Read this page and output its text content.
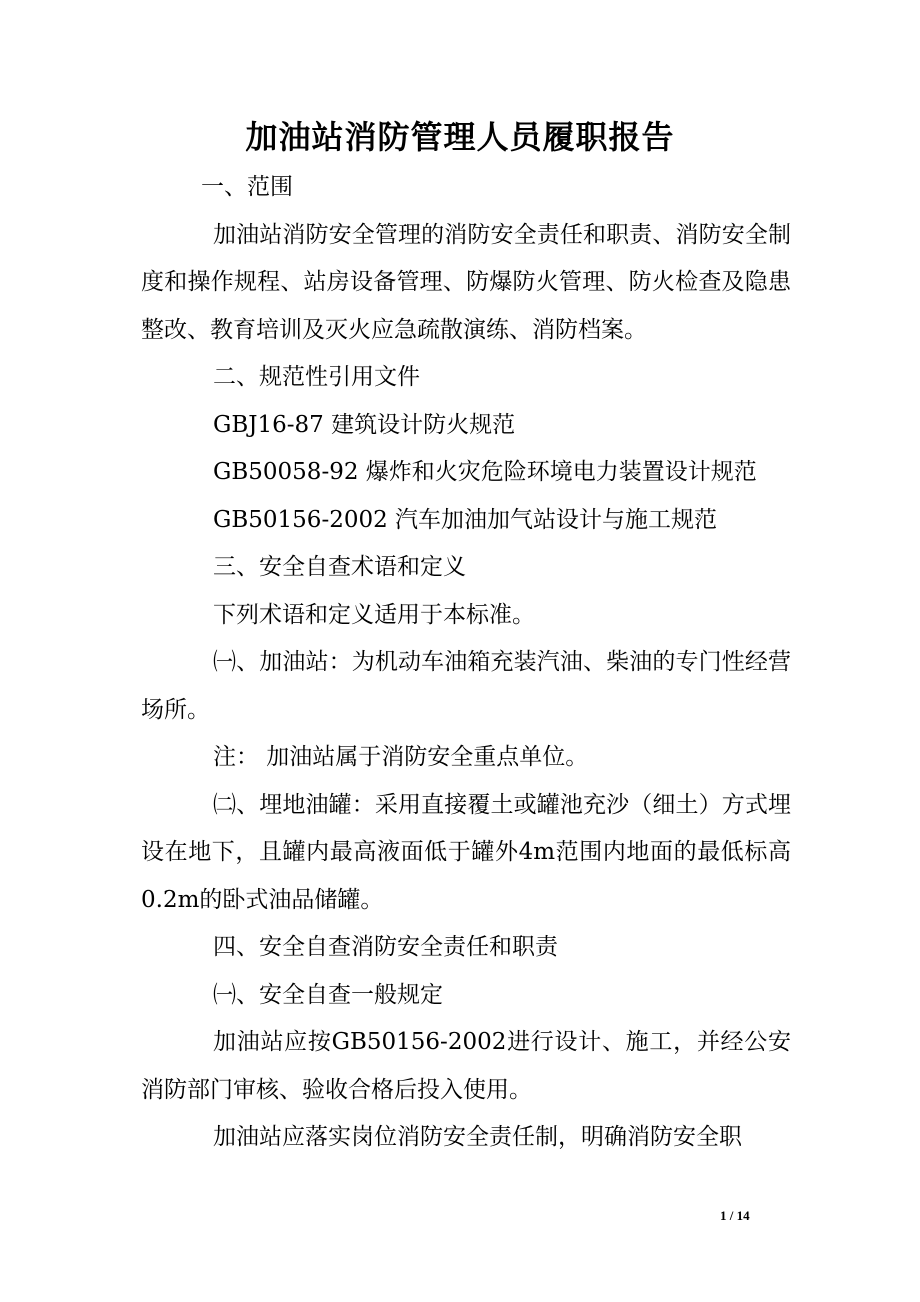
加油站消防管理人员履职报告

一、范围

加油站消防安全管理的消防安全责任和职责、消防安全制度和操作规程、站房设备管理、防爆防火管理、防火检查及隐患整改、教育培训及灭火应急疏散演练、消防档案。

二、规范性引用文件

GBJ16-87 建筑设计防火规范

GB50058-92 爆炸和火灾危险环境电力装置设计规范

GB50156-2002 汽车加油加气站设计与施工规范

三、安全自查术语和定义

下列术语和定义适用于本标准。

㈠、加油站：为机动车油箱充装汽油、柴油的专门性经营场所。

注： 加油站属于消防安全重点单位。

㈡、埋地油罐：采用直接覆土或罐池充沙（细土）方式埋设在地下，且罐内最高液面低于罐外4m范围内地面的最低标高0.2m的卧式油品储罐。

四、安全自查消防安全责任和职责

㈠、安全自查一般规定

加油站应按GB50156-2002进行设计、施工，并经公安消防部门审核、验收合格后投入使用。

加油站应落实岗位消防安全责任制，明确消防安全职

1 / 14
